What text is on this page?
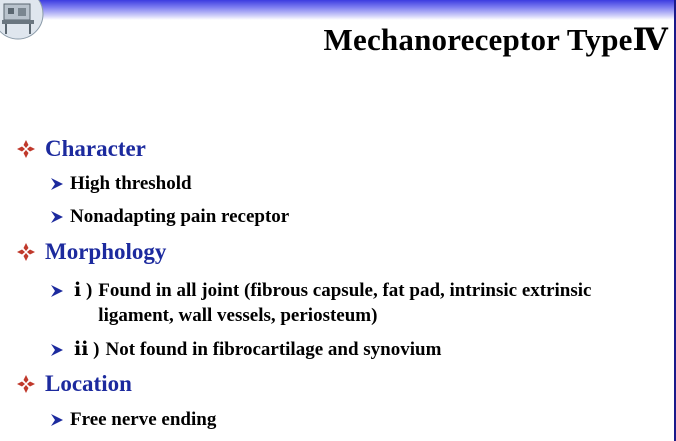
Mechanoreceptor TypeⅣ
Character
High threshold
Nonadapting pain receptor
Morphology
ⅰ ) Found in all joint (fibrous capsule, fat pad, intrinsic extrinsic ligament, wall vessels, periosteum)
ⅱ ) Not found in fibrocartilage and synovium
Location
Free nerve ending
